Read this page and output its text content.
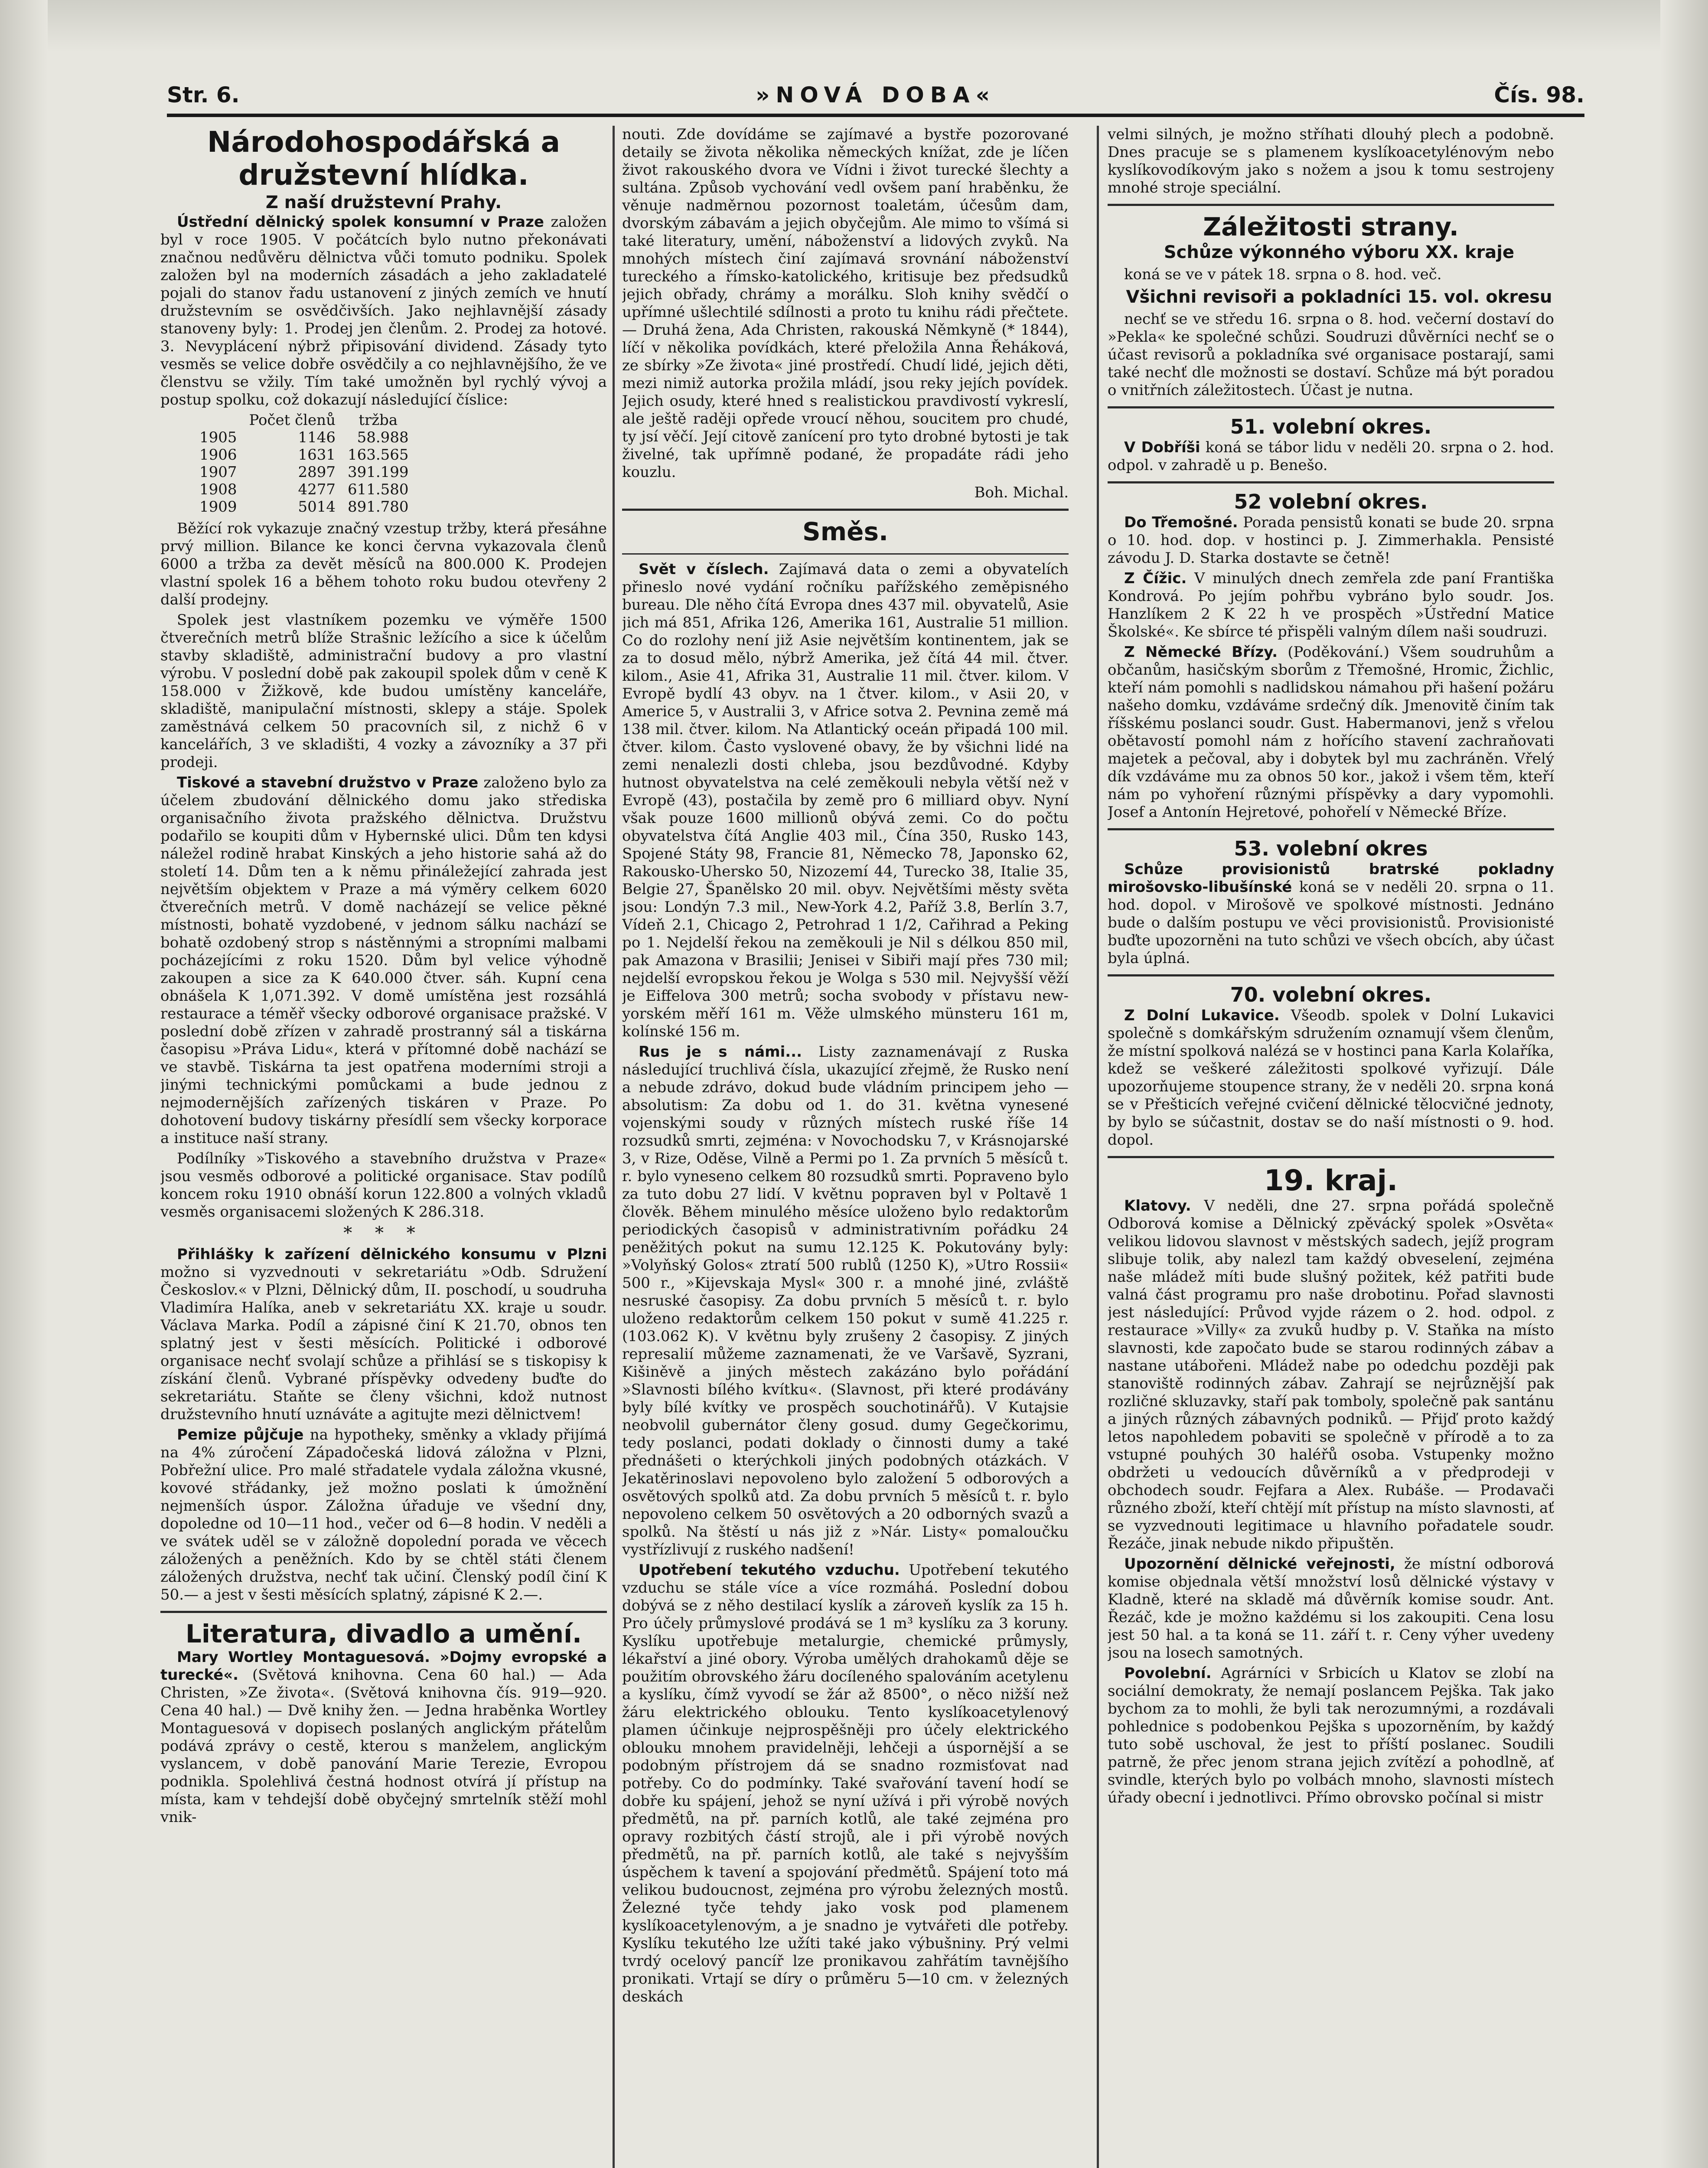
Str. 6.	»NOVÁ DOBA«	Čís. 98.
Národohospodářská a družstevní hlídka.
Z naší družstevní Prahy.

Ústřední dělnický spolek konsumní v Praze založen byl v roce 1905. V počátcích bylo nutno překonávati značnou nedůvěru dělnictva vůči tomuto podniku. Spolek založen byl na moderních zásadách a jeho zakladatelé pojali do stanov řadu ustanovení z jiných zemích ve hnutí družstevním se osvědčivších. Jako nejhlavnější zásady stanoveny byly: 1. Prodej jen členům. 2. Prodej za hotové. 3. Nevyplácení nýbrž připisování dividend. Zásady tyto vesměs se velice dobře osvědčily a co nejhlavnějšího, že ve členstvu se vžily. Tím také umožněn byl rychlý vývoj a postup spolku, což dokazují následující číslice:

	Počet členů	tržba
1905	1146	58.988
1906	1631	163.565
1907	2897	391.199
1908	4277	611.580
1909	5014	891.780

Běžící rok vykazuje značný vzestup tržby, která přesáhne prvý million. Bilance ke konci června vykazovala členů 6000 a tržba za devět měsíců na 800.000 K. Prodejen vlastní spolek 16 a během tohoto roku budou otevřeny 2 další prodejny.

Spolek jest vlastníkem pozemku ve výměře 1500 čtverečních metrů blíže Strašnic ležícího a sice k účelům stavby skladiště, administrační budovy a pro vlastní výrobu. V poslední době pak zakoupil spolek dům v ceně K 158.000 v Žižkově, kde budou umístěny kanceláře, skladiště, manipulační místnosti, sklepy a stáje. Spolek zaměstnává celkem 50 pracovních sil, z nichž 6 v kancelářích, 3 ve skladišti, 4 vozky a závozníky a 37 při prodeji.

Tiskové a stavební družstvo v Praze založeno bylo za účelem zbudování dělnického domu jako střediska organisačního života pražského dělnictva. Družstvu podařilo se koupiti dům v Hybernské ulici. Dům ten kdysi náležel rodině hrabat Kinských a jeho historie sahá až do století 14. Dům ten a k němu přináležející zahrada jest největším objektem v Praze a má výměry celkem 6020 čtverečních metrů. V domě nacházejí se velice pěkné místnosti, bohatě vyzdobené, v jednom sálku nachází se bohatě ozdobený strop s nástěnnými a stropními malbami pocházejícími z roku 1520. Dům byl velice výhodně zakoupen a sice za K 640.000 čtver. sáh. Kupní cena obnášela K 1,071.392. V domě umístěna jest rozsáhlá restaurace a téměř všecky odborové organisace pražské. V poslední době zřízen v zahradě prostranný sál a tiskárna časopisu »Práva Lidu«, která v přítomné době nachází se ve stavbě. Tiskárna ta jest opatřena moderními stroji a jinými technickými pomůckami a bude jednou z nejmodernějších zařízených tiskáren v Praze. Po dohotovení budovy tiskárny přesídlí sem všecky korporace a instituce naší strany.

Podílníky »Tiskového a stavebního družstva v Praze« jsou vesměs odborové a politické organisace. Stav podílů koncem roku 1910 obnáší korun 122.800 a volných vkladů vesměs organisacemi složených K 286.318.

* * *

Přihlášky k zařízení dělnického konsumu v Plzni možno si vyzvednouti v sekretariátu »Odb. Sdružení Českoslov.« v Plzni, Dělnický dům, II. poschodí, u soudruha Vladimíra Halíka, aneb v sekretariátu XX. kraje u soudr. Václava Marka. Podíl a zápisné činí K 21.70, obnos ten splatný jest v šesti měsících. Politické i odborové organisace nechť svolají schůze a přihlásí se s tiskopisy k získání členů. Vybrané příspěvky odvedeny buďte do sekretariátu. Staňte se členy všichni, kdož nutnost družstevního hnutí uznáváte a agitujte mezi dělnictvem!

Pemize půjčuje na hypotheky, směnky a vklady přijímá na 4% zúročení Západočeská lidová záložna v Plzni, Pobřežní ulice. Pro malé střadatele vydala záložna vkusné, kovové střádanky, jež možno poslati k úmožnění nejmenších úspor. Záložna úřaduje ve všední dny, dopoledne od 10—11 hod., večer od 6—8 hodin. V neděli a ve svátek uděl se v záložně dopolední porada ve věcech záložených a peněžních. Kdo by se chtěl státi členem záložených družstva, nechť tak učiní. Členský podíl činí K 50.— a jest v šesti měsících splatný, zápisné K 2.—.

Literatura, divadlo a umění.

Mary Wortley Montaguesová. »Dojmy evropské a turecké«. (Světová knihovna. Cena 60 hal.) — Ada Christen, »Ze života«. (Světová knihovna čís. 919—920. Cena 40 hal.) — Dvě knihy žen. — Jedna hraběnka Wortley Montaguesová v dopisech poslaných anglickým přátelům podává zprávy o cestě, kterou s manželem, anglickým vyslancem, v době panování Marie Terezie, Evropou podnikla. Spolehlivá čestná hodnost otvírá jí přístup na místa, kam v tehdejší době obyčejný smrtelník stěží mohl vnik-

nouti. Zde dovídáme se zajímavé a bystře pozorované detaily se života několika německých knížat, zde je líčen život rakouského dvora ve Vídni i život turecké šlechty a sultána. Způsob vychování vedl ovšem paní hraběnku, že věnuje nadměrnou pozornost toaletám, účesům dam, dvorským zábavám a jejich obyčejům. Ale mimo to všímá si také literatury, umění, náboženství a lidových zvyků. Na mnohých místech činí zajímavá srovnání náboženství tureckého a římsko-katolického, kritisuje bez předsudků jejich obřady, chrámy a morálku. Sloh knihy svědčí o upřímné ušlechtilé sdílnosti a proto tu knihu rádi přečtete. — Druhá žena, Ada Christen, rakouská Němkyně (* 1844), líčí v několika povídkách, které přeložila Anna Řeháková, ze sbírky »Ze života« jiné prostředí. Chudí lidé, jejich děti, mezi nimiž autorka prožila mládí, jsou reky jejích povídek. Jejich osudy, které hned s realistickou pravdivostí vykreslí, ale ještě raději opřede vroucí něhou, soucitem pro chudé, ty jsí věčí. Její citově zanícení pro tyto drobné bytosti je tak živelné, tak upřímně podané, že propadáte rádi jeho kouzlu.

Boh. Michal.

Směs.

Svět v číslech. Zajímavá data o zemi a obyvatelích přineslo nové vydání ročníku pařížského zeměpisného bureau. Dle něho čítá Evropa dnes 437 mil. obyvatelů, Asie jich má 851, Afrika 126, Amerika 161, Australie 51 million. Co do rozlohy není již Asie největším kontinentem, jak se za to dosud mělo, nýbrž Amerika, jež čítá 44 mil. čtver. kilom., Asie 41, Afrika 31, Australie 11 mil. čtver. kilom. V Evropě bydlí 43 obyv. na 1 čtver. kilom., v Asii 20, v Americe 5, v Australii 3, v Africe sotva 2. Pevnina země má 138 mil. čtver. kilom. Na Atlantický oceán připadá 100 mil. čtver. kilom. Často vyslovené obavy, že by všichni lidé na zemi nenalezli dosti chleba, jsou bezdůvodné. Kdyby hutnost obyvatelstva na celé zeměkouli nebyla větší než v Evropě (43), postačila by země pro 6 milliard obyv. Nyní však pouze 1600 millionů obývá zemi. Co do počtu obyvatelstva čítá Anglie 403 mil., Čína 350, Rusko 143, Spojené Státy 98, Francie 81, Německo 78, Japonsko 62, Rakousko-Uhersko 50, Nizozemí 44, Turecko 38, Italie 35, Belgie 27, Španělsko 20 mil. obyv. Největšími městy světa jsou: Londýn 7.3 mil., New-York 4.2, Paříž 3.8, Berlín 3.7, Vídeň 2.1, Chicago 2, Petrohrad 1 1/2, Cařihrad a Peking po 1. Nejdelší řekou na zeměkouli je Nil s délkou 850 mil, pak Amazona v Brasilii; Jenisei v Sibiři mají přes 730 mil; nejdelší evropskou řekou je Wolga s 530 mil. Nejvyšší věží je Eiffelova 300 metrů; socha svobody v přístavu new-yorském měří 161 m. Věže ulmského münsteru 161 m, kolínské 156 m.

Rus je s námi... Listy zaznamenávají z Ruska následující truchlivá čísla, ukazující zřejmě, že Rusko není a nebude zdrávo, dokud bude vládním principem jeho — absolutism: Za dobu od 1. do 31. května vynesené vojenskými soudy v různých místech ruské říše 14 rozsudků smrti, zejména: v Novochodsku 7, v Krásnojarské 3, v Rize, Oděse, Vilně a Permi po 1. Za prvních 5 měsíců t. r. bylo vyneseno celkem 80 rozsudků smrti. Popraveno bylo za tuto dobu 27 lidí. V květnu popraven byl v Poltavě 1 člověk. Během minulého měsíce uloženo bylo redaktorům periodických časopisů v administrativním pořádku 24 peněžitých pokut na sumu 12.125 K. Pokutovány byly: »Volyňský Golos« ztratí 500 rublů (1250 K), »Utro Rossii« 500 r., »Kijevskaja Mysl« 300 r. a mnohé jiné, zvláště nesruské časopisy. Za dobu prvních 5 měsíců t. r. bylo uloženo redaktorům celkem 150 pokut v sumě 41.225 r. (103.062 K). V květnu byly zrušeny 2 časopisy. Z jiných represalií můžeme zaznamenati, že ve Varšavě, Syzrani, Kišiněvě a jiných městech zakázáno bylo pořádání »Slavnosti bílého kvítku«. (Slavnost, při které prodávány byly bílé kvítky ve prospěch souchotinářů). V Kutajsie neobvolil gubernátor členy gosud. dumy Gegečkorimu, tedy poslanci, podati doklady o činnosti dumy a také přednášeti o kterýchkoli jiných podobných otázkách. V Jekatěrinoslavi nepovoleno bylo založení 5 odborových a osvětových spolků atd. Za dobu prvních 5 měsíců t. r. bylo nepovoleno celkem 50 osvětových a 20 odborných svazů a spolků. Na štěstí u nás již z »Nár. Listy« pomaloučku vystřízlivují z ruského nadšení!

Upotřebení tekutého vzduchu. Upotřebení tekutého vzduchu se stále více a více rozmáhá. Poslední dobou dobývá se z něho destilací kyslík a zároveň kyslík za 15 h. Pro účely průmyslové prodává se 1 m³ kyslíku za 3 koruny. Kyslíku upotřebuje metalurgie, chemické průmysly, lékařství a jiné obory. Výroba umělých drahokamů děje se použitím obrovského žáru docíleného spalováním acetylenu a kyslíku, čímž vyvodí se žár až 8500°, o něco nižší než žáru elektrického oblouku. Tento kyslíkoacetylenový plamen účinkuje nejprospěšněji pro účely elektrického oblouku mnohem pravidelněji, lehčeji a úspornější a se podobným přístrojem dá se snadno rozmisťovat nad potřeby. Co do podmínky. Také svařování tavení hodí se dobře ku spájení, jehož se nyní užívá i při výrobě nových předmětů, na př. parních kotlů, ale také zejména pro opravy rozbitých částí strojů, ale i při výrobě nových předmětů, na př. parních kotlů, ale také s nejvyšším úspěchem k tavení a spojování předmětů. Spájení toto má velikou budoucnost, zejména pro výrobu železných mostů. Železné tyče tehdy jako vosk pod plamenem kyslíkoacetylenovým, a je snadno je vytvářeti dle potřeby. Kyslíku tekutého lze užíti také jako výbušniny. Prý velmi tvrdý ocelový pancíř lze pronikavou zahřátím tavnějšího pronikati. Vrtají se díry o průměru 5—10 cm. v železných deskách

velmi silných, je možno stříhati dlouhý plech a podobně. Dnes pracuje se s plamenem kyslíkoacetylénovým nebo kyslíkovodíkovým jako s nožem a jsou k tomu sestrojeny mnohé stroje speciální.

Záležitosti strany.

Schůze výkonného výboru XX. kraje

koná se ve v pátek 18. srpna o 8. hod. več.

Všichni revisoři a pokladníci 15. vol. okresu

nechť se ve středu 16. srpna o 8. hod. večerní dostaví do »Pekla« ke společné schůzi. Soudruzi důvěrníci nechť se o účast revisorů a pokladníka své organisace postarají, sami také nechť dle možnosti se dostaví. Schůze má být poradou o vnitřních záležitostech. Účast je nutna.

51. volební okres.

V Dobříši koná se tábor lidu v neděli 20. srpna o 2. hod. odpol. v zahradě u p. Benešo.

52 volební okres.

Do Třemošné. Porada pensistů konati se bude 20. srpna o 10. hod. dop. v hostinci p. J. Zimmerhakla. Pensisté závodu J. D. Starka dostavte se četně!

Z Čížic. V minulých dnech zemřela zde paní Františka Kondrová. Po jejím pohřbu vybráno bylo soudr. Jos. Hanzlíkem 2 K 22 h ve prospěch »Ústřední Matice Školské«. Ke sbírce té přispěli valným dílem naši soudruzi.

Z Německé Břízy. (Poděkování.) Všem soudruhům a občanům, hasičským sborům z Třemošné, Hromic, Žichlic, kteří nám pomohli s nadlidskou námahou při hašení požáru našeho domku, vzdáváme srdečný dík. Jmenovitě činím tak říšskému poslanci soudr. Gust. Habermanovi, jenž s vřelou obětavostí pomohl nám z hořícího stavení zachraňovati majetek a pečoval, aby i dobytek byl mu zachráněn. Vřelý dík vzdáváme mu za obnos 50 kor., jakož i všem těm, kteří nám po vyhoření různými příspěvky a dary vypomohli. Josef a Antonín Hejretové, pohořelí v Německé Bříze.

53. volební okres

Schůze provisionistů bratrské pokladny mirošovsko-libušínské koná se v neděli 20. srpna o 11. hod. dopol. v Mirošově ve spolkové místnosti. Jednáno bude o dalším postupu ve věci provisionistů. Provisionisté buďte upozorněni na tuto schůzi ve všech obcích, aby účast byla úplná.

70. volební okres.

Z Dolní Lukavice. Všeodb. spolek v Dolní Lukavici společně s domkářským sdružením oznamují všem členům, že místní spolková nalézá se v hostinci pana Karla Kolaříka, kdež se veškeré záležitosti spolkové vyřizují. Dále upozorňujeme stoupence strany, že v neděli 20. srpna koná se v Přešticích veřejné cvičení dělnické tělocvičné jednoty, by bylo se súčastnit, dostav se do naší místnosti o 9. hod. dopol.

19. kraj.

Klatovy. V neděli, dne 27. srpna pořádá společně Odborová komise a Dělnický zpěvácký spolek »Osvěta« velikou lidovou slavnost v městských sadech, jejíž program slibuje tolik, aby nalezl tam každý obveselení, zejména naše mládež míti bude slušný požitek, kéž patřiti bude valná část programu pro naše drobotinu. Pořad slavnosti jest následující: Průvod vyjde rázem o 2. hod. odpol. z restaurace »Villy« za zvuků hudby p. V. Staňka na místo slavnosti, kde započato bude se starou rodinných zábav a nastane utábořeni. Mládež nabe po odedchu později pak stanoviště rodinných zábav. Zahrají se nejrůznější pak rozličné skluzavky, staří pak tomboly, společně pak santánu a jiných různých zábavných podniků. — Přijď proto každý letos napohledem pobaviti se společně v přírodě a to za vstupné pouhých 30 haléřů osoba. Vstupenky možno obdržeti u vedoucích důvěrníků a v předprodeji v obchodech soudr. Fejfara a Alex. Rubáše. — Prodavači různého zboží, kteří chtějí mít přístup na místo slavnosti, ať se vyzvednouti legitimace u hlavního pořadatele soudr. Řezáče, jinak nebude nikdo připuštěn.

Upozornění dělnické veřejnosti, že místní odborová komise objednala větší množství losů dělnické výstavy v Kladně, které na skladě má důvěrník komise soudr. Ant. Řezáč, kde je možno každému si los zakoupiti. Cena losu jest 50 hal. a ta koná se 11. září t. r. Ceny výher uvedeny jsou na losech samotných.

Povolební. Agrárníci v Srbicích u Klatov se zlobí na sociální demokraty, že nemají poslancem Pejška. Tak jako bychom za to mohli, že byli tak nerozumnými, a rozdávali pohlednice s podobenkou Pejška s upozorněním, by každý tuto sobě uschoval, že jest to příští poslanec. Soudili patrně, že přec jenom strana jejich zvítězí a pohodlně, ať svindle, kterých bylo po volbách mnoho, slavnosti místech úřady obecní i jednotlivci. Přímo obrovsko počínal si mistr
